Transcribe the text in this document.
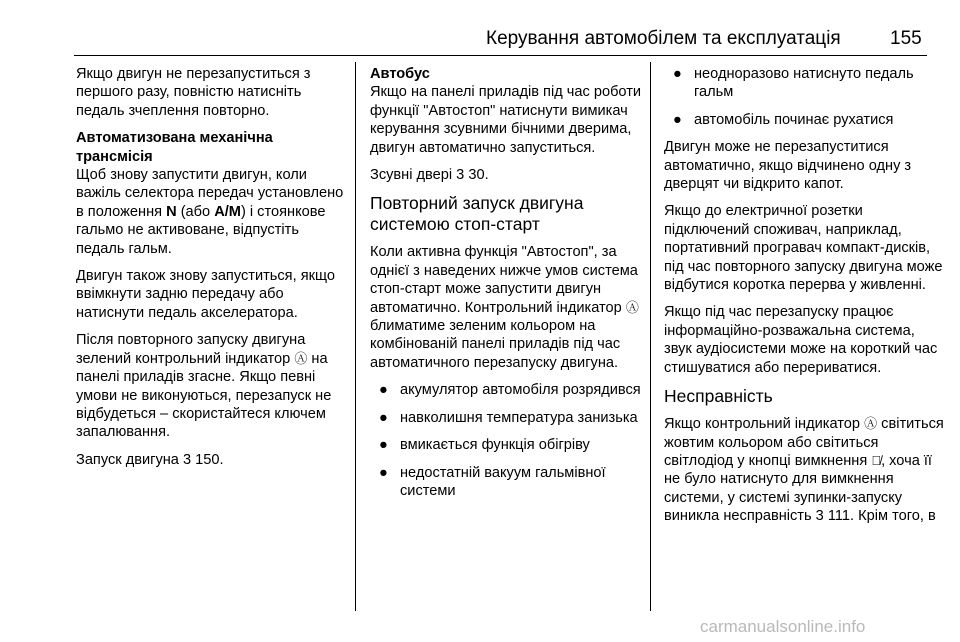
Керування автомобілем та експлуатація	155
Якщо двигун не перезапуститься з першого разу, повністю натисніть педаль зчеплення повторно.
Автоматизована механічна трансмісія
Щоб знову запустити двигун, коли важіль селектора передач установлено в положення N (або A/M) і стоянкове гальмо не активоване, відпустіть педаль гальм.
Двигун також знову запуститься, якщо ввімкнути задню передачу або натиснути педаль акселератора.
Після повторного запуску двигуна зелений контрольний індикатор Ⓐ на панелі приладів згасне. Якщо певні умови не виконуються, перезапуск не відбудеться – скористайтеся ключем запалювання.
Запуск двигуна 3 150.
Автобус
Якщо на панелі приладів під час роботи функції "Автостоп" натиснути вимикач керування зсувними бічними дверима, двигун автоматично запуститься.
Зсувні двері 3 30.
Повторний запуск двигуна системою стоп-старт
Коли активна функція "Автостоп", за однієї з наведених нижче умов система стоп-старт може запустити двигун автоматично. Контрольний індикатор Ⓐ блиматиме зеленим кольором на комбінованій панелі приладів під час автоматичного перезапуску двигуна.
● акумулятор автомобіля розрядився
● навколишня температура занизька
● вмикається функція обігріву
● недостатній вакуум гальмівної системи
● неодноразово натиснуто педаль гальм
● автомобіль починає рухатися
Двигун може не перезапуститися автоматично, якщо відчинено одну з дверцят чи відкрито капот.
Якщо до електричної розетки підключений споживач, наприклад, портативний програвач компакт-дисків, під час повторного запуску двигуна може відбутися коротка перерва у живленні.
Якщо під час перезапуску працює інформаційно-розважальна система, звук аудіосистеми може на короткий час стишуватися або перериватися.
Несправність
Якщо контрольний індикатор Ⓐ світиться жовтим кольором або світиться світлодіод у кнопці вимкнення Ⓐ̸, хоча її не було натиснуто для вимкнення системи, у системі зупинки-запуску виникла несправність 3 111. Крім того, в
carmanualsonline.info
